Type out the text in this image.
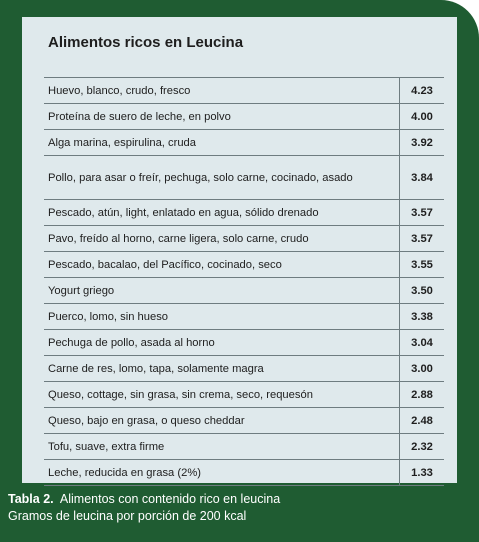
Alimentos ricos en Leucina
Huevo, blanco, crudo, fresco	4.23
Proteína de suero de leche, en polvo	4.00
Alga marina, espirulina, cruda	3.92
Pollo, para asar o freír, pechuga, solo carne, cocinado, asado	3.84
Pescado, atún, light, enlatado en agua, sólido drenado	3.57
Pavo, freído al horno, carne ligera, solo carne, crudo	3.57
Pescado, bacalao, del Pacífico, cocinado, seco	3.55
Yogurt griego	3.50
Puerco, lomo, sin hueso	3.38
Pechuga de pollo, asada al horno	3.04
Carne de res, lomo, tapa, solamente magra	3.00
Queso, cottage, sin grasa, sin crema, seco, requesón	2.88
Queso, bajo en grasa, o queso cheddar	2.48
Tofu, suave, extra firme	2.32
Leche, reducida en grasa (2%)	1.33
Tabla 2. Alimentos con contenido rico en leucina
Gramos de leucina por porción de 200 kcal
